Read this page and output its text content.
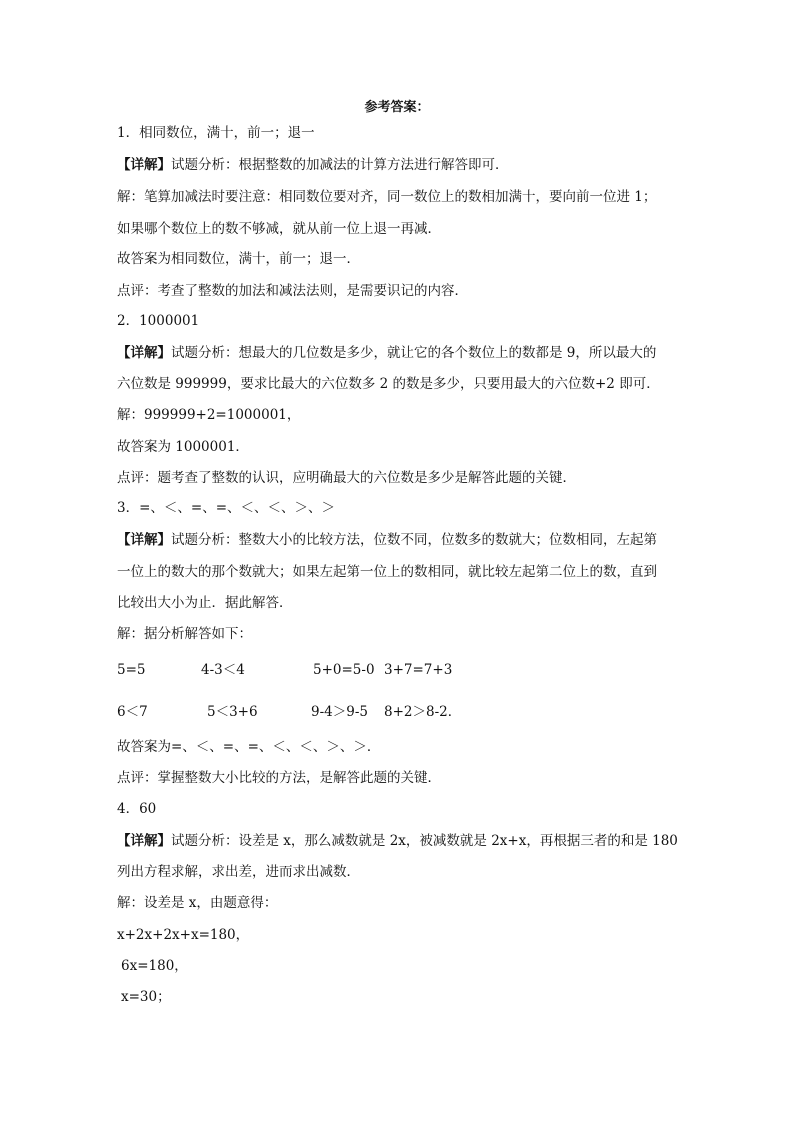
参考答案：
1．相同数位，满十，前一；退一
【详解】试题分析：根据整数的加减法的计算方法进行解答即可．
解：笔算加减法时要注意：相同数位要对齐，同一数位上的数相加满十，要向前一位进 1；
如果哪个数位上的数不够减，就从前一位上退一再减．
故答案为相同数位，满十，前一；退一．
点评：考查了整数的加法和减法法则，是需要识记的内容．
2．1000001
【详解】试题分析：想最大的几位数是多少，就让它的各个数位上的数都是 9，所以最大的
六位数是 999999，要求比最大的六位数多 2 的数是多少，只要用最大的六位数+2 即可．
解：999999+2=1000001，
故答案为 1000001．
点评：题考查了整数的认识，应明确最大的六位数是多少是解答此题的关键．
3．=、＜、=、=、＜、＜、＞、＞
【详解】试题分析：整数大小的比较方法，位数不同，位数多的数就大；位数相同，左起第
一位上的数大的那个数就大；如果左起第一位上的数相同，就比较左起第二位上的数，直到
比较出大小为止．据此解答．
解：据分析解答如下：
5=5	4-3＜4	5+0=5-0 3+7=7+3
6＜7	5＜3+6	9-4＞9-5 8+2＞8-2．
故答案为=、＜、=、=、＜、＜、＞、＞．
点评：掌握整数大小比较的方法，是解答此题的关键．
4．60
【详解】试题分析：设差是 x，那么减数就是 2x，被减数就是 2x+x，再根据三者的和是 180
列出方程求解，求出差，进而求出减数．
解：设差是 x，由题意得：
x+2x+2x+x=180，
6x=180，
x=30；
